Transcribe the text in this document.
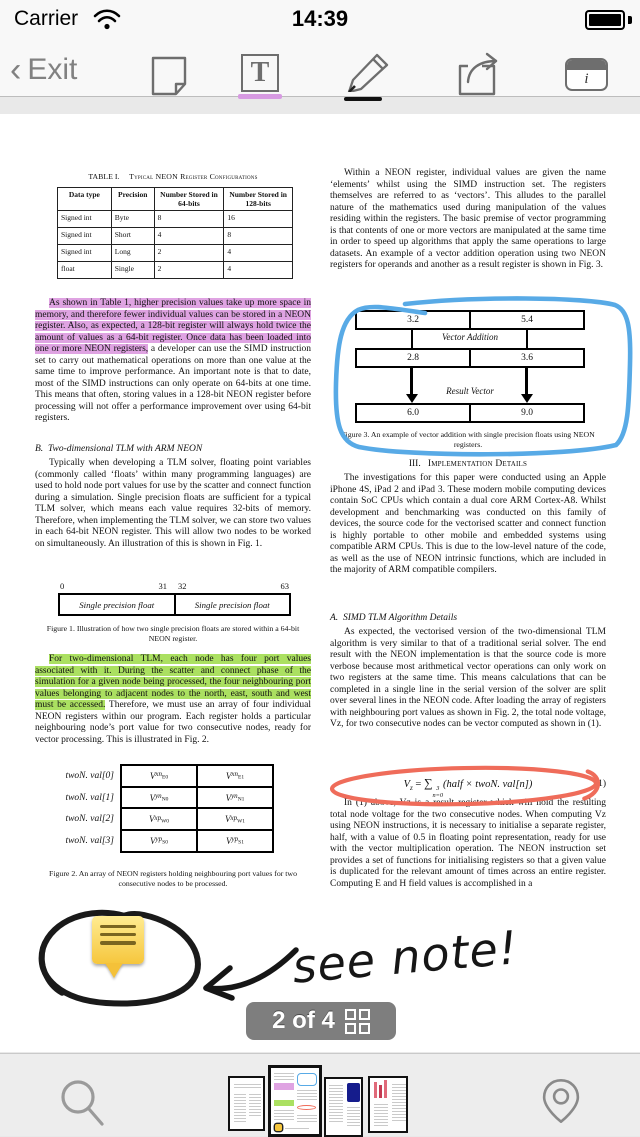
Carrier	14:39
‹ Exit	T	i
TABLE I. Typical NEON Register Configurations
Data type	Precision	Number Stored in 64-bits	Number Stored in 128-bits
Signed int	Byte	8	16
Signed int	Short	4	8
Signed int	Long	2	4
float	Single	2	4
As shown in Table 1, higher precision values take up more space in memory, and therefore fewer individual values can be stored in a NEON register. Also, as expected, a 128-bit register will always hold twice the amount of values as a 64-bit register. Once data has been loaded into one or more NEON registers, a developer can use the SIMD instruction set to carry out mathematical operations on more than one value at the same time to improve performance. An important note is that to date, most of the SIMD instructions can only operate on 64-bits at one time. This means that often, storing values in a 128-bit NEON register before processing will not offer a performance improvement over using 64-bit registers.
B. Two-dimensional TLM with ARM NEON
Typically when developing a TLM solver, floating point variables (commonly called ‘floats’ within many programming languages) are used to hold node port values for use by the scatter and connect function during a simulation. Single precision floats are sufficient for a typical TLM solver, which means each value requires 32-bits of memory. Therefore, when implementing the TLM solver, we can store two values in each 64-bit NEON register. This will allow two nodes to be worked on simultaneously. An illustration of this is shown in Fig. 1.
0	31 32	63
Single precision float	Single precision float
Figure 1. Illustration of how two single precision floats are stored within a 64-bit NEON register.
For two-dimensional TLM, each node has four port values associated with it. During the scatter and connect phase of the simulation for a given node being processed, the four neighbouring port values belonging to adjacent nodes to the north, east, south and west must be accessed. Therefore, we must use an array of four individual NEON registers within our program. Each register holds a particular neighbouring node’s port value for two consecutive nodes, ready for vector processing. This is illustrated in Fig. 2.
twoN. val[0]	V $xn_{E0}$	V $xn_{E1}$
twoN. val[1]	V $yn_{N0}$	V $yn_{N1}$
twoN. val[2]	V $xp_{W0}$	V $xp_{W1}$
twoN. val[3]	V $yp_{S0}$	V $yp_{S1}$
Figure 2. An array of NEON registers holding neighbouring port values for two consecutive nodes to be processed.
Within a NEON register, individual values are given the name ‘elements’ whilst using the SIMD instruction set. The registers themselves are referred to as ‘vectors’. This alludes to the parallel nature of the mathematics used during manipulation of the values residing within the registers. The basic premise of vector programming is that contents of one or more vectors are manipulated at the same time in order to speed up algorithms that apply the same operations to large datasets. An example of a vector addition operation using two NEON registers for operands and another as a result register is shown in Fig. 3.
3.2	5.4
Vector Addition
2.8	3.6
Result Vector
6.0	9.0
Figure 3. An example of vector addition with single precision floats using NEON registers.
III. Implementation Details
The investigations for this paper were conducted using an Apple iPhone 4S, iPad 2 and iPad 3. These modern mobile computing devices contain SoC CPUs which contain a dual core ARM Cortex-A8. Whilst development and benchmarking was conducted on this family of devices, the source code for the vectorised scatter and connect function is highly portable to other mobile and embedded systems using compatible ARM CPUs. This is due to the low-level nature of the code, as well as the use of NEON intrinsic functions, which are included in the majority of ARM compatible compilers.
A. SIMD TLM Algorithm Details
As expected, the vectorised version of the two-dimensional TLM algorithm is very similar to that of a traditional serial solver. The end result with the NEON implementation is that the source code is more verbose because most arithmetical vector operations can only work on two registers at the same time. This means calculations that can be completed in a single line in the serial version of the solver are split over several lines in the NEON code. After loading the array of registers with neighbouring port values as shown in Fig. 2, the total node voltage, Vz, for two consecutive nodes can be vector computed as shown in (1).
$V_z$ = ∑ 3
n=0
(half × twoN. val[n])	(1)
In (1) above, Vz is a result register which will hold the resulting total node voltage for the two consecutive nodes. When computing Vz using NEON instructions, it is necessary to initialise a separate register, half, with a value of 0.5 in floating point representation, ready for use with the vector multiplication operation. The NEON instruction set provides a set of functions for initialising registers so that a given value is duplicated for the relevant amount of times across an entire register. Computing E and H field values is accomplished in a
see note!
2 of 4
